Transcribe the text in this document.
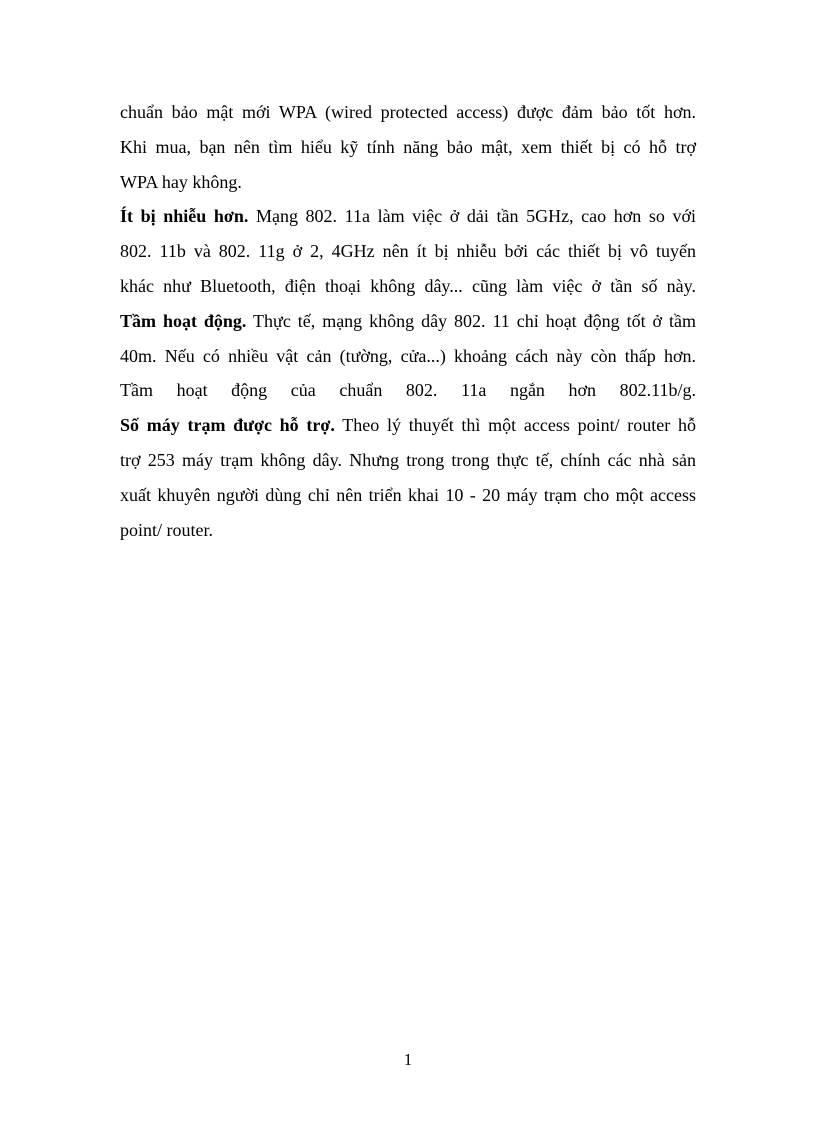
chuẩn bảo mật mới WPA (wired protected access) được đảm bảo tốt hơn.
Khi mua, bạn nên tìm hiểu kỹ tính năng bảo mật, xem thiết bị có hỗ trợ
WPA hay không.
Ít bị nhiễu hơn. Mạng 802. 11a làm việc ở dải tần 5GHz, cao hơn so với
802. 11b và 802. 11g ở 2, 4GHz nên ít bị nhiễu bởi các thiết bị vô tuyến
khác như Bluetooth, điện thoại không dây... cũng làm việc ở tần số này.
Tầm hoạt động. Thực tế, mạng không dây 802. 11 chỉ hoạt động tốt ở tầm
40m. Nếu có nhiều vật cản (tường, cửa...) khoảng cách này còn thấp hơn.
Tầm hoạt động của chuẩn 802. 11a ngắn hơn 802.11b/g.
Số máy trạm được hỗ trợ. Theo lý thuyết thì một access point/ router hỗ
trợ 253 máy trạm không dây. Nhưng trong trong thực tế, chính các nhà sản
xuất khuyên người dùng chỉ nên triển khai 10 - 20 máy trạm cho một access
point/ router.
1
